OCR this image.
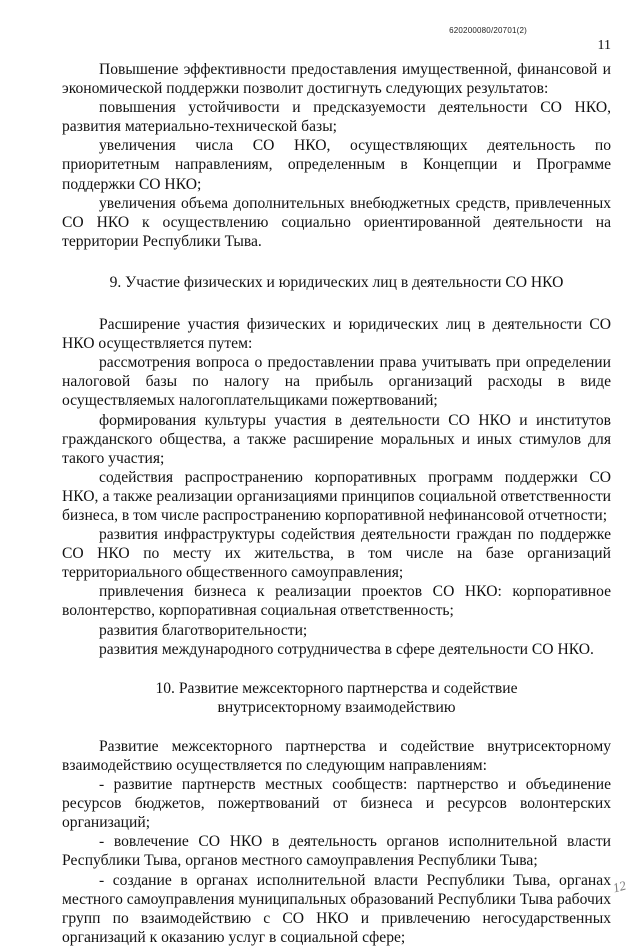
620200080/20701(2)
11

Повышение эффективности предоставления имущественной, финансовой и экономической поддержки позволит достигнуть следующих результатов:

повышения устойчивости и предсказуемости деятельности СО НКО, развития материально-технической базы;

увеличения числа СО НКО, осуществляющих деятельность по приоритетным направлениям, определенным в Концепции и Программе поддержки СО НКО;

увеличения объема дополнительных внебюджетных средств, привлеченных СО НКО к осуществлению социально ориентированной деятельности на территории Республики Тыва.

9. Участие физических и юридических лиц в деятельности СО НКО

Расширение участия физических и юридических лиц в деятельности СО НКО осуществляется путем:

рассмотрения вопроса о предоставлении права учитывать при определении налоговой базы по налогу на прибыль организаций расходы в виде осуществляемых налогоплательщиками пожертвований;

формирования культуры участия в деятельности СО НКО и институтов гражданского общества, а также расширение моральных и иных стимулов для такого участия;

содействия распространению корпоративных программ поддержки СО НКО, а также реализации организациями принципов социальной ответственности бизнеса, в том числе распространению корпоративной нефинансовой отчетности;

развития инфраструктуры содействия деятельности граждан по поддержке СО НКО по месту их жительства, в том числе на базе организаций территориального общественного самоуправления;

привлечения бизнеса к реализации проектов СО НКО: корпоративное волонтерство, корпоративная социальная ответственность;

развития благотворительности;

развития международного сотрудничества в сфере деятельности СО НКО.

10. Развитие межсекторного партнерства и содействие
внутрисекторному взаимодействию

Развитие межсекторного партнерства и содействие внутрисекторному взаимодействию осуществляется по следующим направлениям:

- развитие партнерств местных сообществ: партнерство и объединение ресурсов бюджетов, пожертвований от бизнеса и ресурсов волонтерских организаций;

- вовлечение СО НКО в деятельность органов исполнительной власти Республики Тыва, органов местного самоуправления Республики Тыва;

- создание в органах исполнительной власти Республики Тыва, органах местного самоуправления муниципальных образований Республики Тыва рабочих групп по взаимодействию с СО НКО и привлечению негосударственных организаций к оказанию услуг в социальной сфере;

12
